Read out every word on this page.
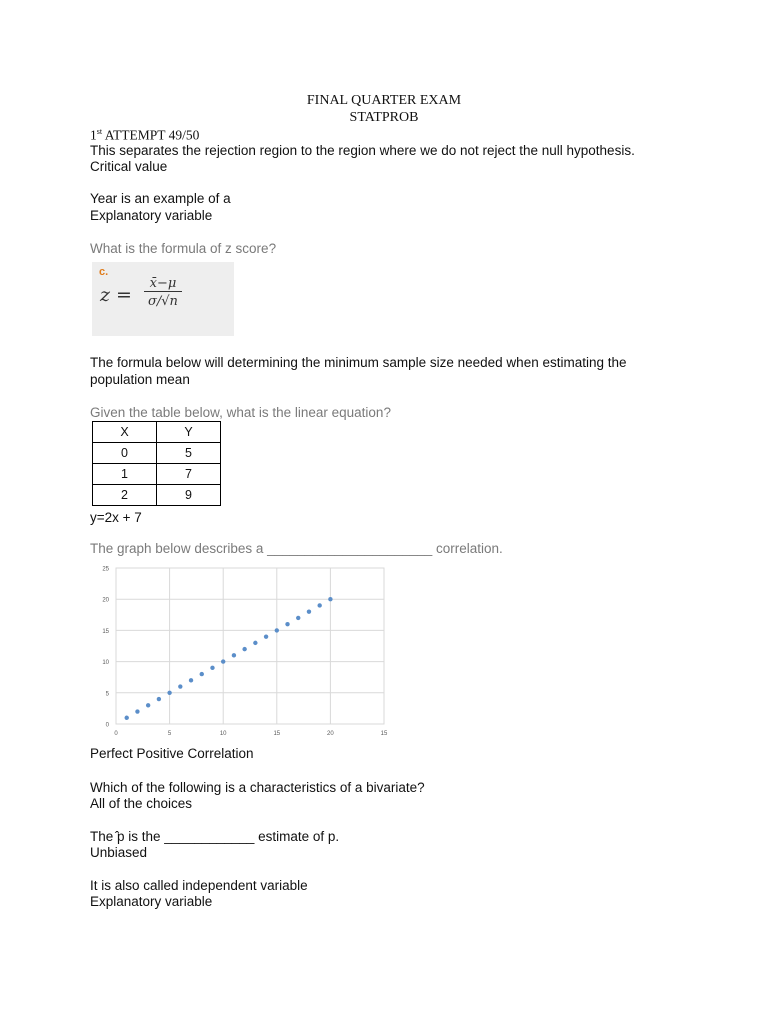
FINAL QUARTER EXAM
STATPROB
1st ATTEMPT 49/50
This separates the rejection region to the region where we do not reject the null hypothesis.
Critical value
Year is an example of a
Explanatory variable
What is the formula of z score?
c.
$z = \frac{x̄-\mu}{\sigma/√n}$
The formula below will determining the minimum sample size needed when estimating the
population mean
Given the table below, what is the linear equation?
X	Y
0	5
1	7
2	9
y=2x + 7
The graph below describes a ______________________ correlation.
0
5
10
15
20
25
0	5	10	15	20	15
Perfect Positive Correlation
Which of the following is a characteristics of a bivariate?
All of the choices
The ̂p is the ____________ estimate of p.
Unbiased
It is also called independent variable
Explanatory variable
